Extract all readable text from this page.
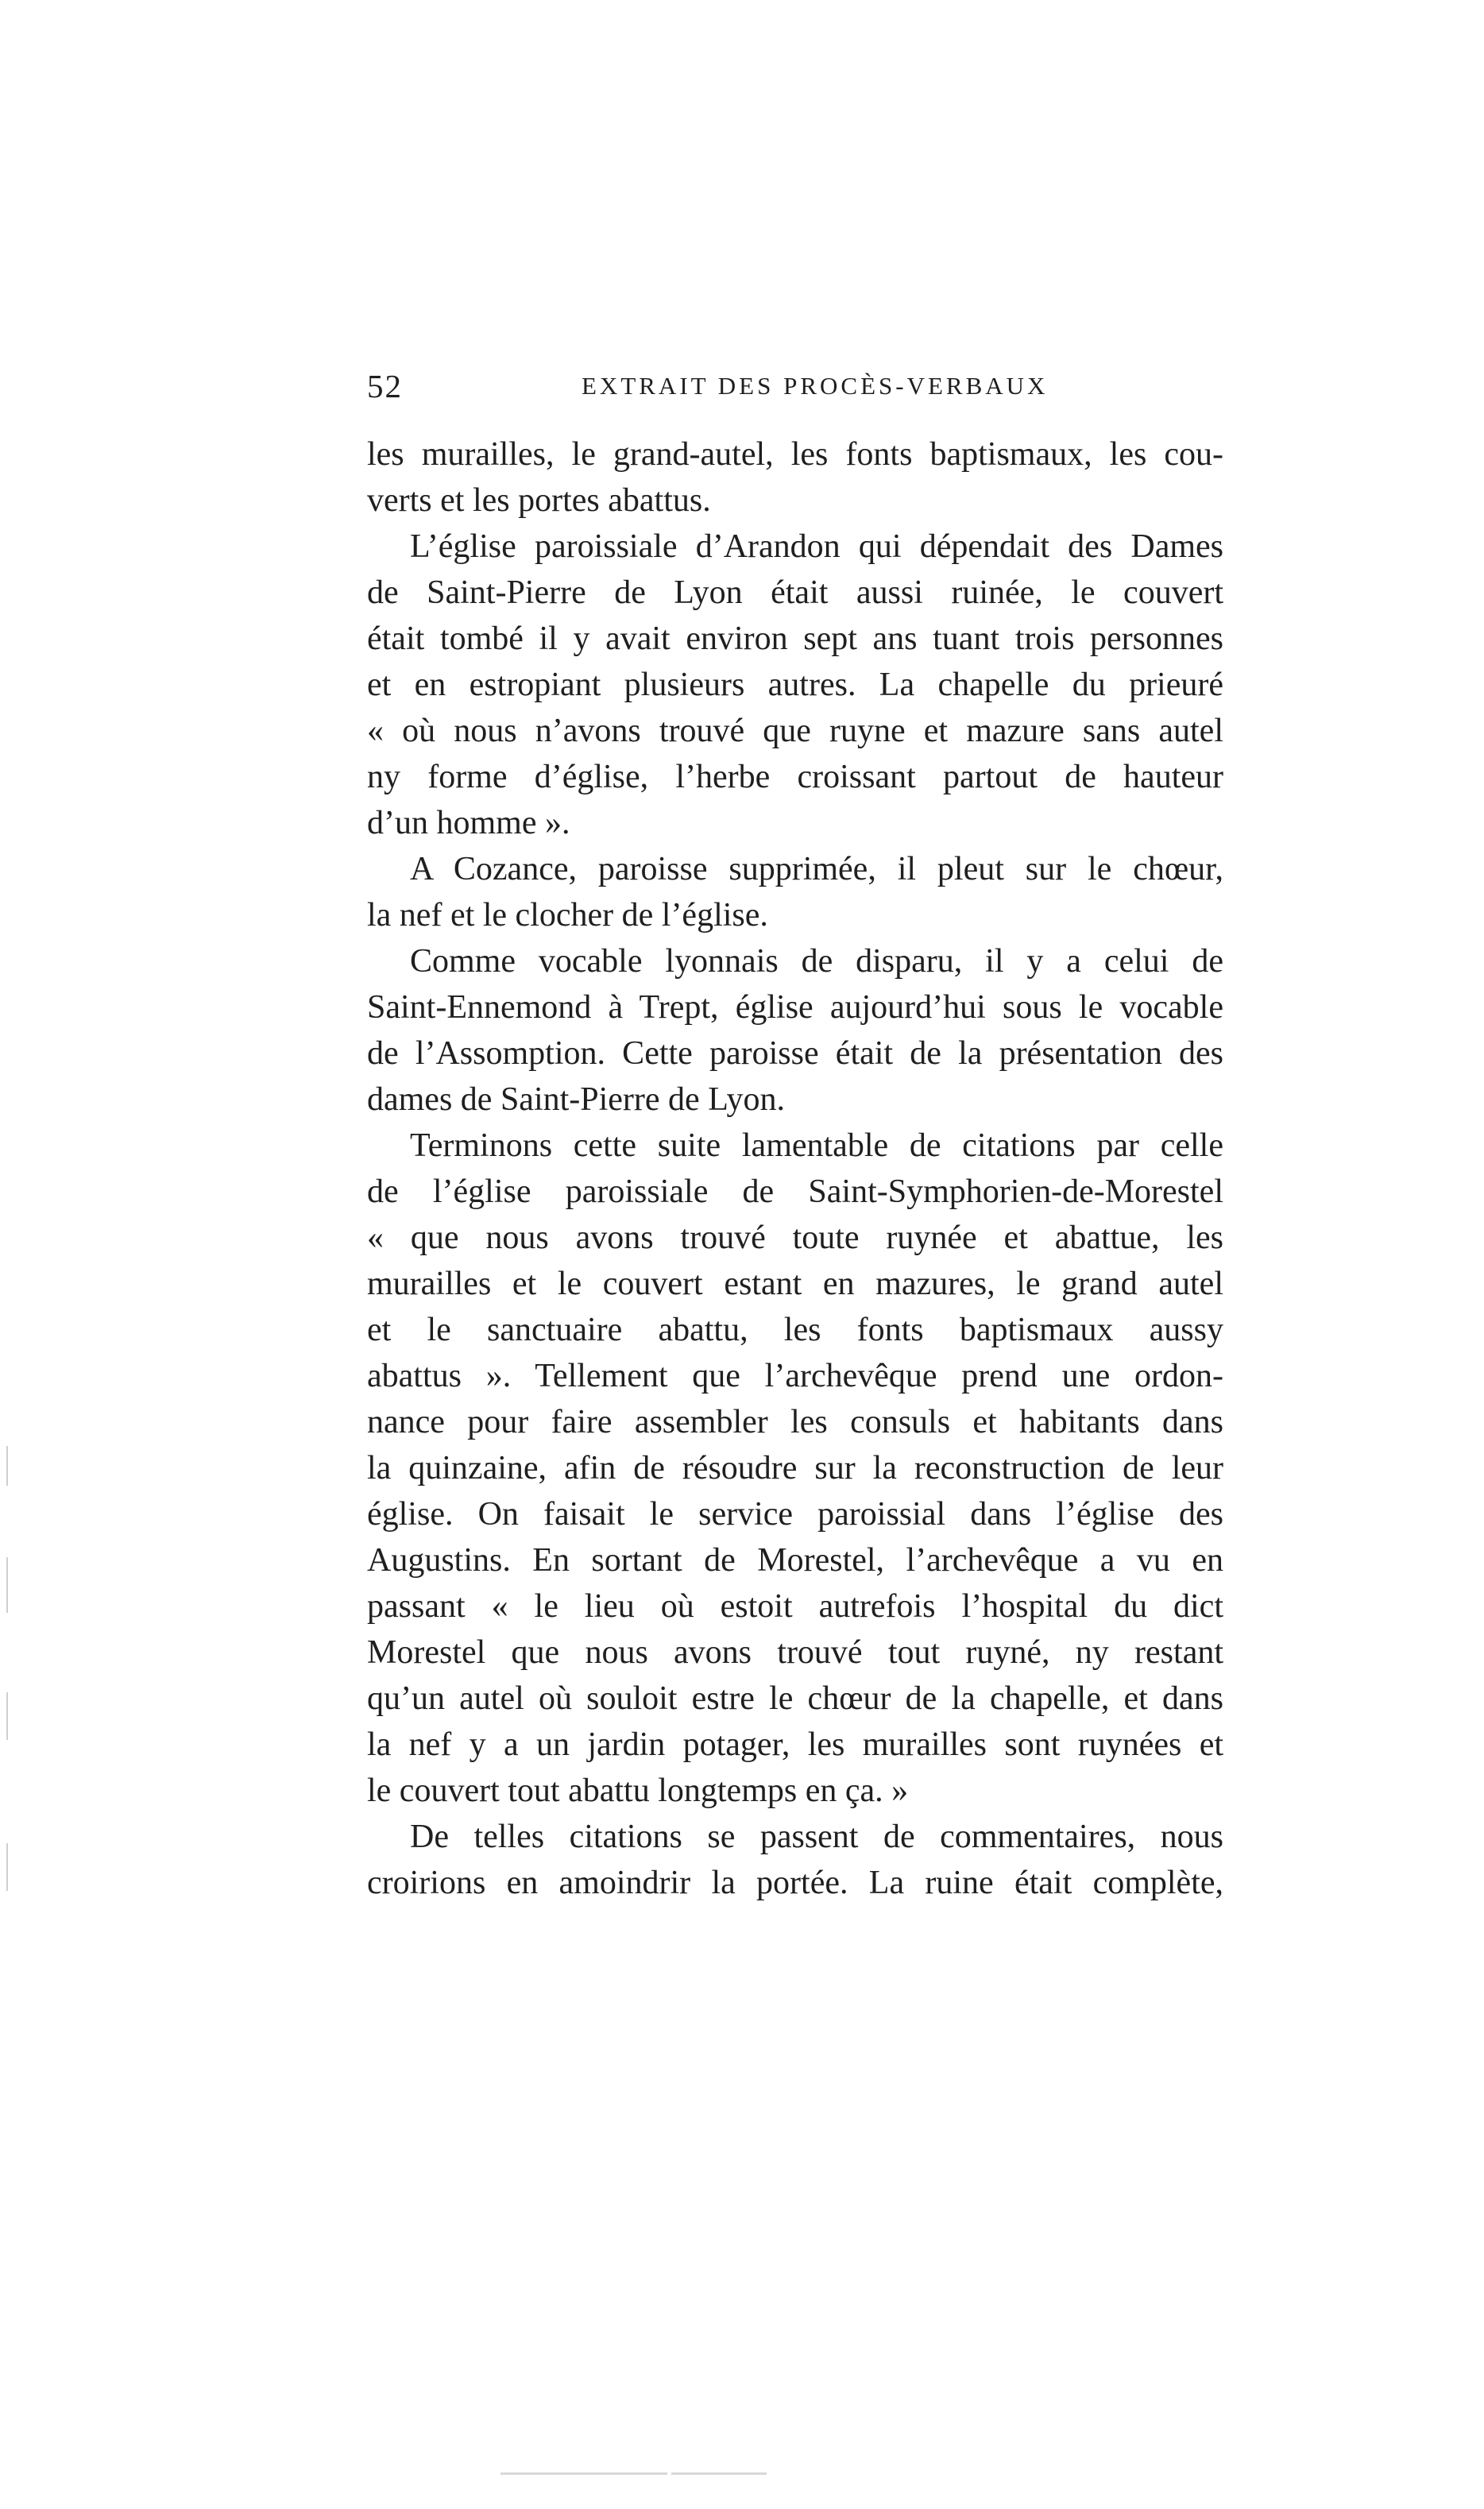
52	EXTRAIT DES PROCÈS-VERBAUX
les murailles, le grand-autel, les fonts baptismaux, les cou-
verts et les portes abattus.
L’église paroissiale d’Arandon qui dépendait des Dames
de Saint-Pierre de Lyon était aussi ruinée, le couvert
était tombé il y avait environ sept ans tuant trois personnes
et en estropiant plusieurs autres. La chapelle du prieuré
« où nous n’avons trouvé que ruyne et mazure sans autel
ny forme d’église, l’herbe croissant partout de hauteur
d’un homme ».
A Cozance, paroisse supprimée, il pleut sur le chœur,
la nef et le clocher de l’église.
Comme vocable lyonnais de disparu, il y a celui de
Saint-Ennemond à Trept, église aujourd’hui sous le vocable
de l’Assomption. Cette paroisse était de la présentation des
dames de Saint-Pierre de Lyon.
Terminons cette suite lamentable de citations par celle
de l’église paroissiale de Saint-Symphorien-de-Morestel
« que nous avons trouvé toute ruynée et abattue, les
murailles et le couvert estant en mazures, le grand autel
et le sanctuaire abattu, les fonts baptismaux aussy
abattus ». Tellement que l’archevêque prend une ordon-
nance pour faire assembler les consuls et habitants dans
la quinzaine, afin de résoudre sur la reconstruction de leur
église. On faisait le service paroissial dans l’église des
Augustins. En sortant de Morestel, l’archevêque a vu en
passant « le lieu où estoit autrefois l’hospital du dict
Morestel que nous avons trouvé tout ruyné, ny restant
qu’un autel où souloit estre le chœur de la chapelle, et dans
la nef y a un jardin potager, les murailles sont ruynées et
le couvert tout abattu longtemps en ça. »
De telles citations se passent de commentaires, nous
croirions en amoindrir la portée. La ruine était complète,
